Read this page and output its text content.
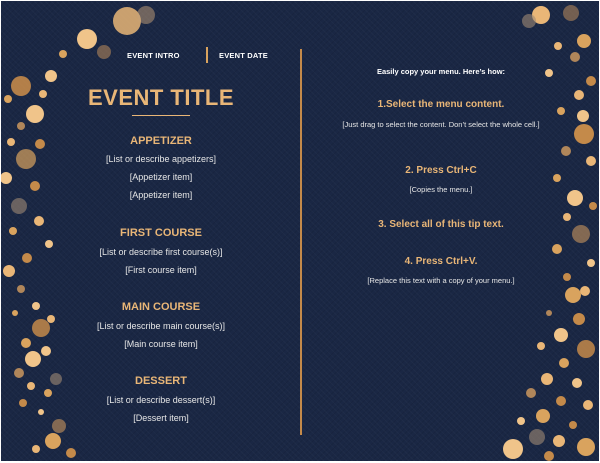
EVENT INTRO	EVENT DATE
EVENT TITLE
APPETIZER
[List or describe appetizers]
[Appetizer item]
[Appetizer item]
FIRST COURSE
[List or describe first course(s)]
[First course item]
MAIN COURSE
[List or describe main course(s)]
[Main course item]
DESSERT
[List or describe dessert(s)]
[Dessert item]
Easily copy your menu. Here’s how:
1.Select the menu content.
[Just drag to select the content. Don’t select the whole cell.]
2. Press Ctrl+C
[Copies the menu.]
3. Select all of this tip text.
4. Press Ctrl+V.
[Replace this text with a copy of your menu.]
